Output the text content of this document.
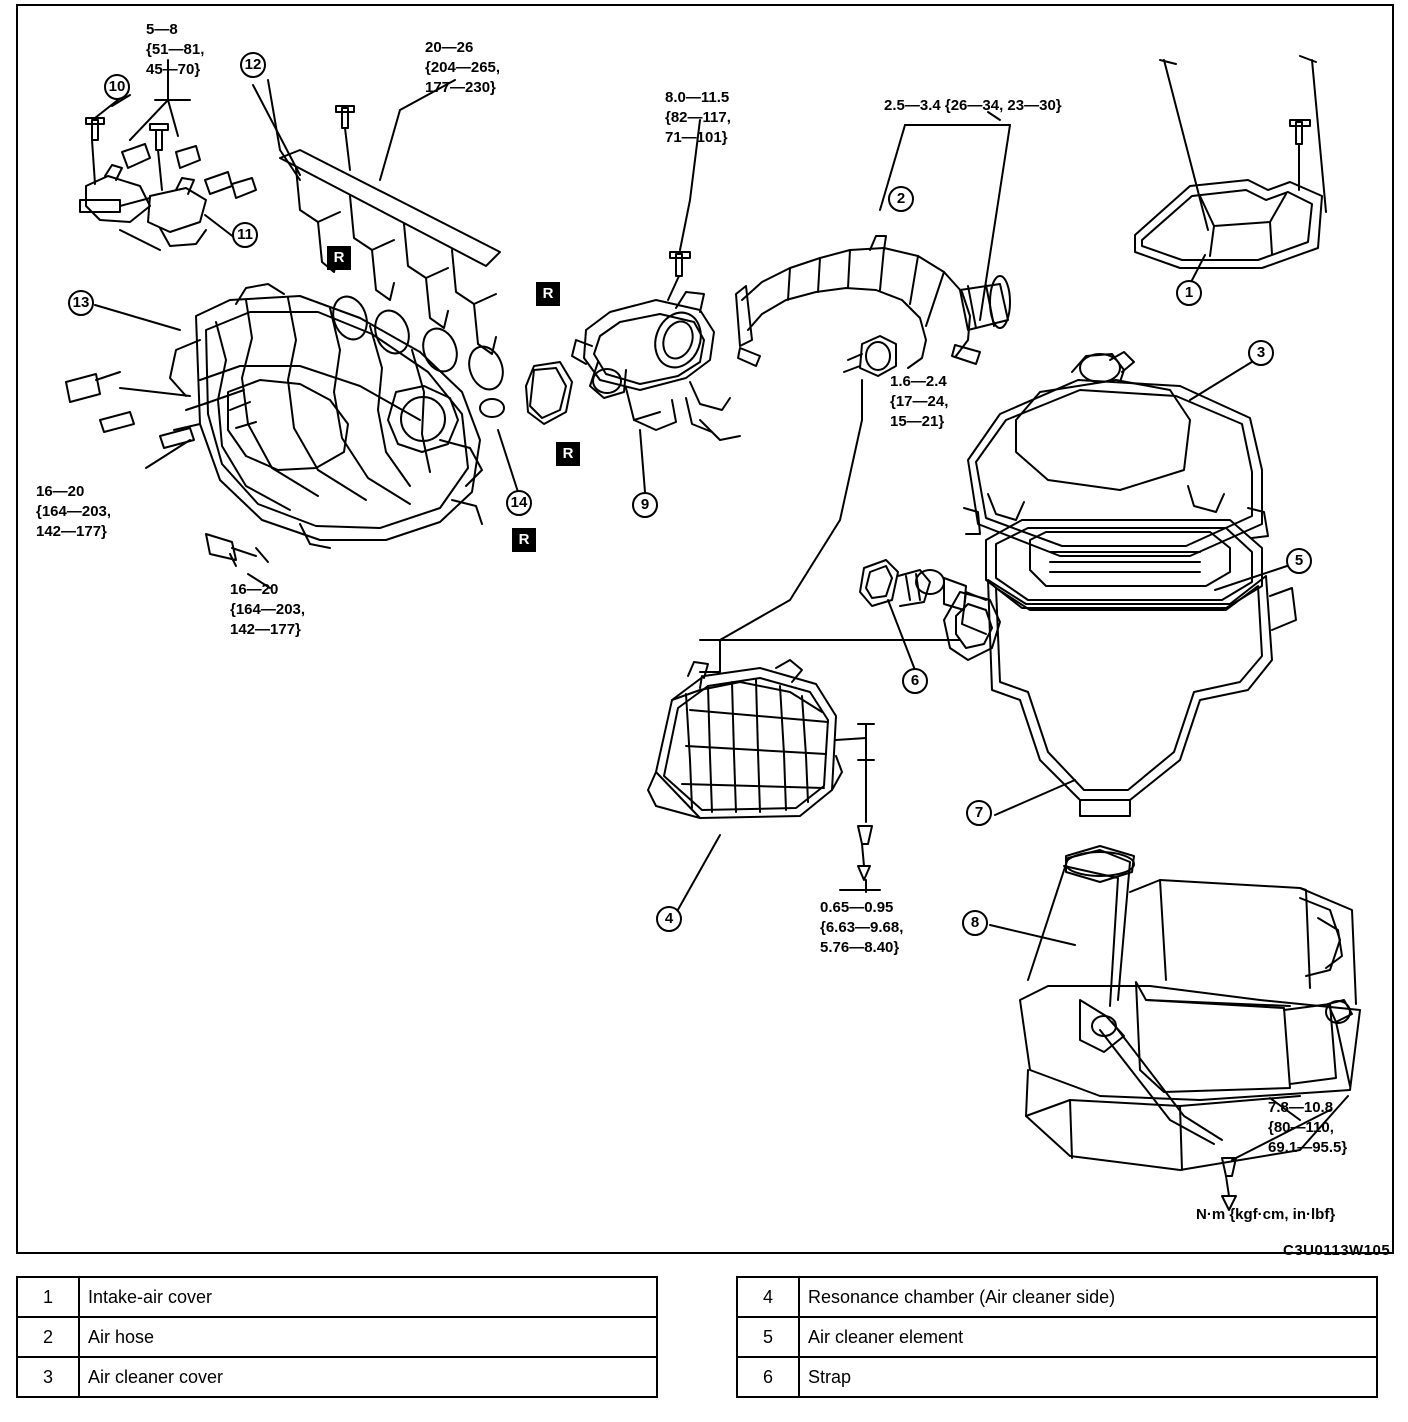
5—8
{51—81,
45—70}
20—26
{204—265,
177—230}
8.0—11.5
{82—117,
71—101}
2.5—3.4 {26—34, 23—30}
1.6—2.4
{17—24,
15—21}
16—20
{164—203,
142—177}
16—20
{164—203,
142—177}
0.65—0.95
{6.63—9.68,
5.76—8.40}
7.8—10.8
{80—110,
69.1—95.5}
10
12
11
13
14	9
2
1
3
5
6
7
4	8
R
R
R
R
N·m {kgf·cm, in·lbf}
C3U0113W105
1	Intake-air cover
2	Air hose
3	Air cleaner cover
4	Resonance chamber (Air cleaner side)
5	Air cleaner element
6	Strap
